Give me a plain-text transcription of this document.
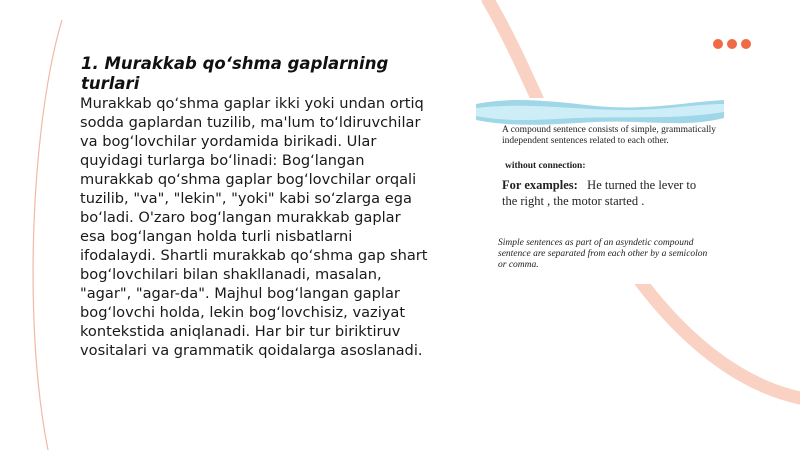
1. Murakkab qo‘shma gaplarning turlari

Murakkab qo‘shma gaplar ikki yoki undan ortiq sodda gaplardan tuzilib, ma'lum to‘ldiruvchilar va bog‘lovchilar yordamida birikadi. Ular quyidagi turlarga bo‘linadi: Bog‘langan murakkab qo‘shma gaplar bog‘lovchilar orqali tuzilib, "va", "lekin", "yoki" kabi so‘zlarga ega bo‘ladi. O'zaro bog‘langan murakkab gaplar esa bog‘langan holda turli nisbatlarni ifodalaydi. Shartli murakkab qo‘shma gap shart bog‘lovchilari bilan shakllanadi, masalan, "agar", "agar-da". Majhul bog‘langan gaplar bog‘lovchi holda, lekin bog‘lovchisiz, vaziyat kontekstida aniqlanadi. Har bir tur biriktiruv vositalari va grammatik qoidalarga asoslanadi.

A compound sentence consists of simple, grammatically independent sentences related to each other.

without connection:

For examples: He turned the lever to the right , the motor started .

Simple sentences as part of an asyndetic compound sentence are separated from each other by a semicolon or comma.
